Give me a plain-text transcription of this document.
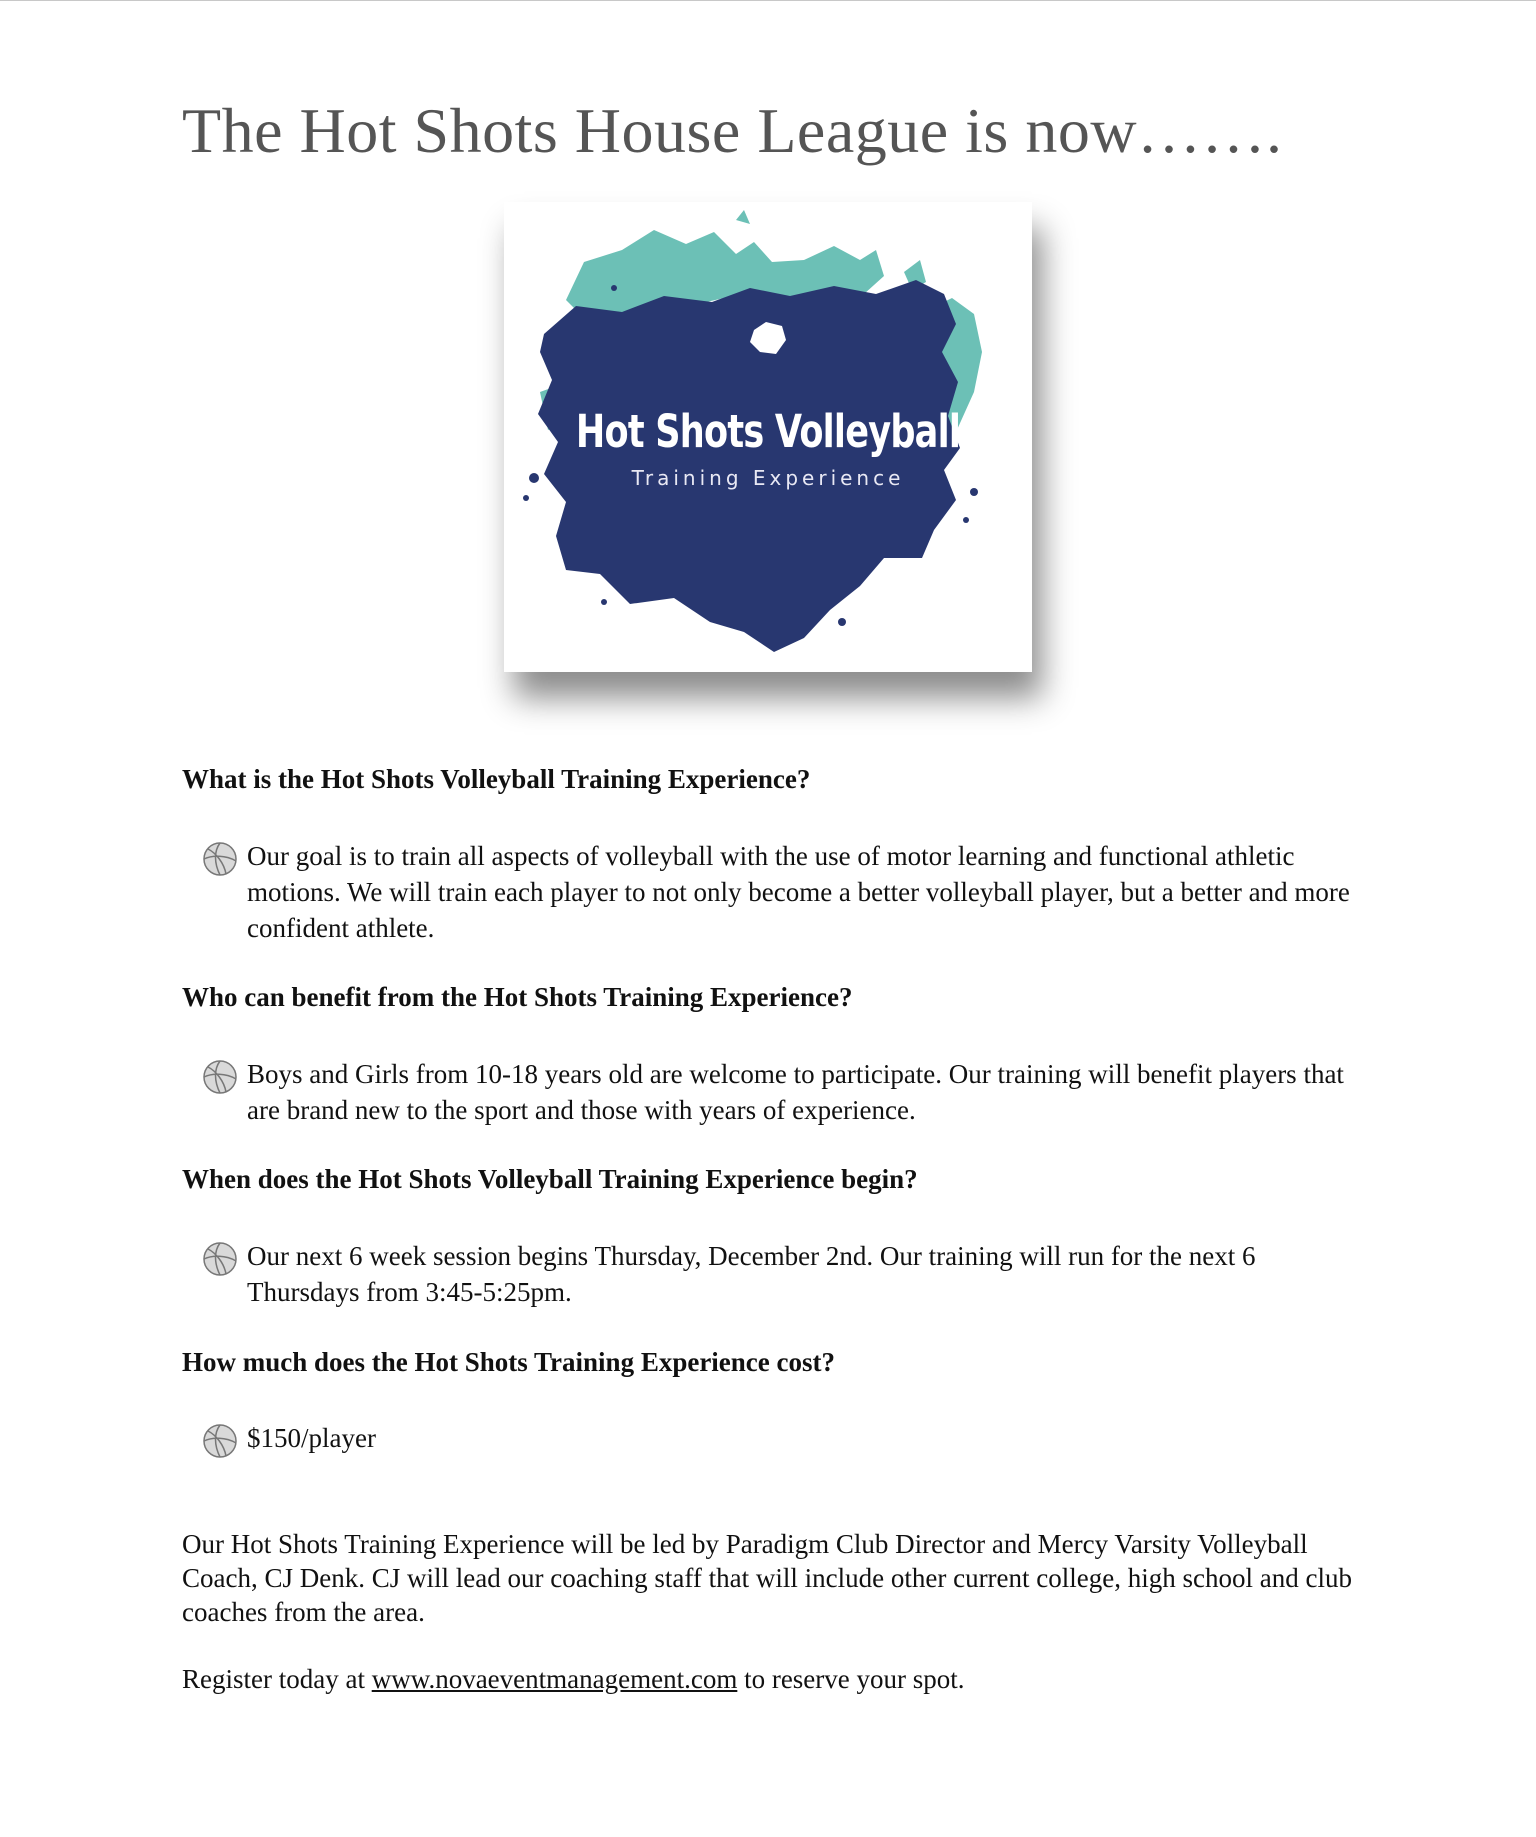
The Hot Shots House League is now…….
Hot Shots Volleyball
Training Experience
What is the Hot Shots Volleyball Training Experience?
Our goal is to train all aspects of volleyball with the use of motor learning and functional athletic motions. We will train each player to not only become a better volleyball player, but a better and more confident athlete.
Who can benefit from the Hot Shots Training Experience?
Boys and Girls from 10-18 years old are welcome to participate. Our training will benefit players that are brand new to the sport and those with years of experience.
When does the Hot Shots Volleyball Training Experience begin?
Our next 6 week session begins Thursday, December 2nd. Our training will run for the next 6 Thursdays from 3:45-5:25pm.
How much does the Hot Shots Training Experience cost?
$150/player

Our Hot Shots Training Experience will be led by Paradigm Club Director and Mercy Varsity Volleyball Coach, CJ Denk. CJ will lead our coaching staff that will include other current college, high school and club coaches from the area.

Register today at www.novaeventmanagement.com to reserve your spot.
